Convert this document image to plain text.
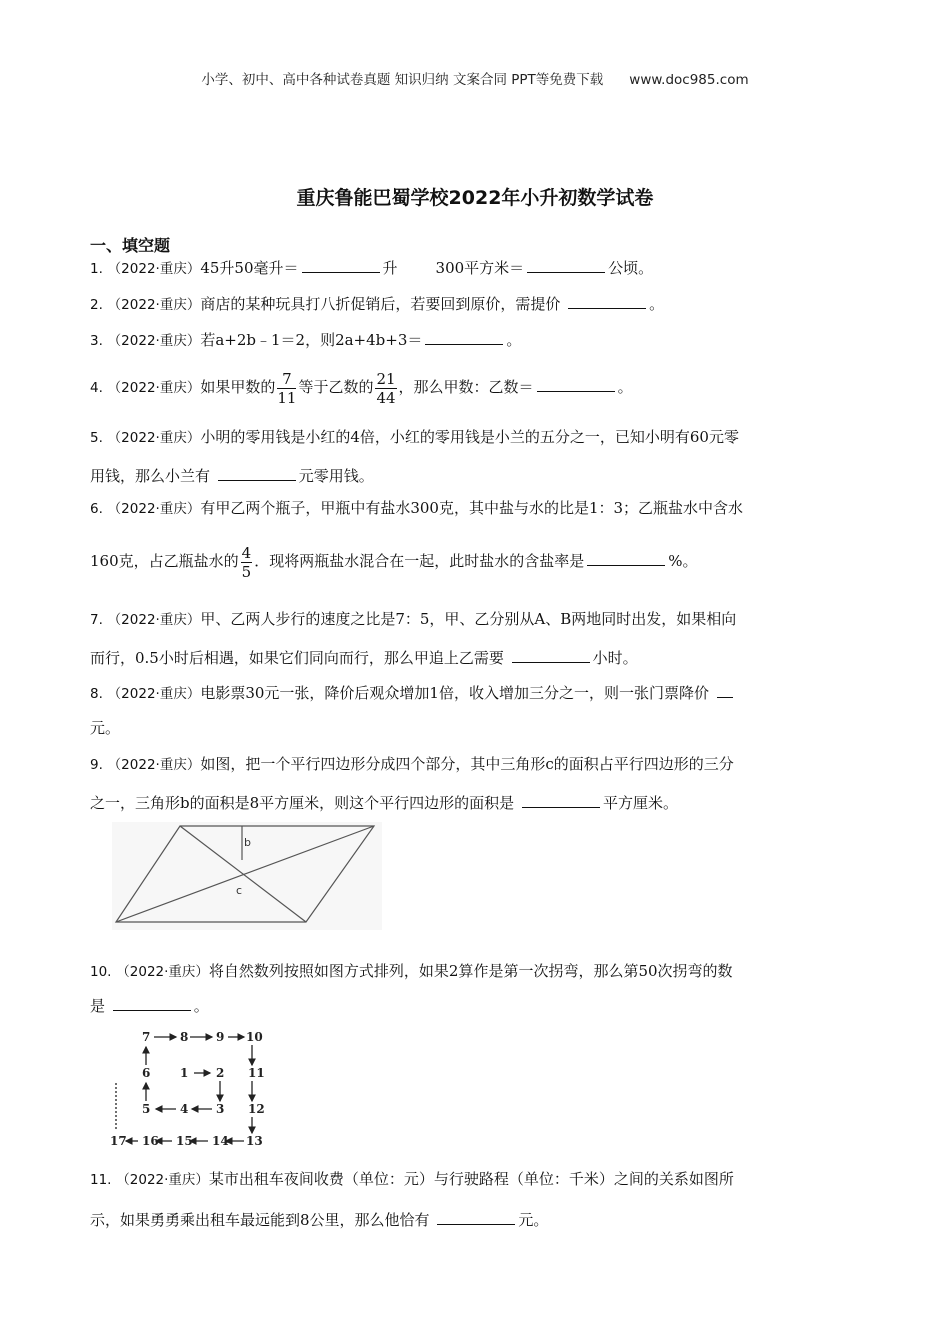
小学、初中、高中各种试卷真题 知识归纳 文案合同 PPT等免费下载 www.doc985.com
重庆鲁能巴蜀学校2022年小升初数学试卷
一、填空题
1. （2022·重庆）45升50毫升＝	升	300平方米＝	公顷。
2. （2022·重庆）商店的某种玩具打八折促销后，若要回到原价，需提价	。
3. （2022·重庆）若a+2b﹣1＝2，则2a+4b+3＝	。
4. （2022·重庆）如果甲数的 $\frac{7}{11}$ 等于乙数的 $\frac{21}{44}$ ，那么甲数：乙数＝	。
5. （2022·重庆）小明的零用钱是小红的4倍，小红的零用钱是小兰的五分之一，已知小明有60元零
用钱，那么小兰有	元零用钱。
6. （2022·重庆）有甲乙两个瓶子，甲瓶中有盐水300克，其中盐与水的比是1：3；乙瓶盐水中含水
160克，占乙瓶盐水的 $\frac{4}{5}$ ．现将两瓶盐水混合在一起，此时盐水的含盐率是	%。
7. （2022·重庆）甲、乙两人步行的速度之比是7：5，甲、乙分别从A、B两地同时出发，如果相向
而行，0.5小时后相遇，如果它们同向而行，那么甲追上乙需要	小时。
8. （2022·重庆）电影票30元一张，降价后观众增加1倍，收入增加三分之一，则一张门票降价
元。
9. （2022·重庆）如图，把一个平行四边形分成四个部分，其中三角形c的面积占平行四边形的三分
之一，三角形b的面积是8平方厘米，则这个平行四边形的面积是	平方厘米。
b
c
10. （2022·重庆）将自然数列按照如图方式排列，如果2算作是第一次拐弯，那么第50次拐弯的数
是	。
7 8 9 10
6 1 2 11
5 4 3 12
17 16 15 14 13
11. （2022·重庆）某市出租车夜间收费（单位：元）与行驶路程（单位：千米）之间的关系如图所
示，如果勇勇乘出租车最远能到8公里，那么他恰有	元。
